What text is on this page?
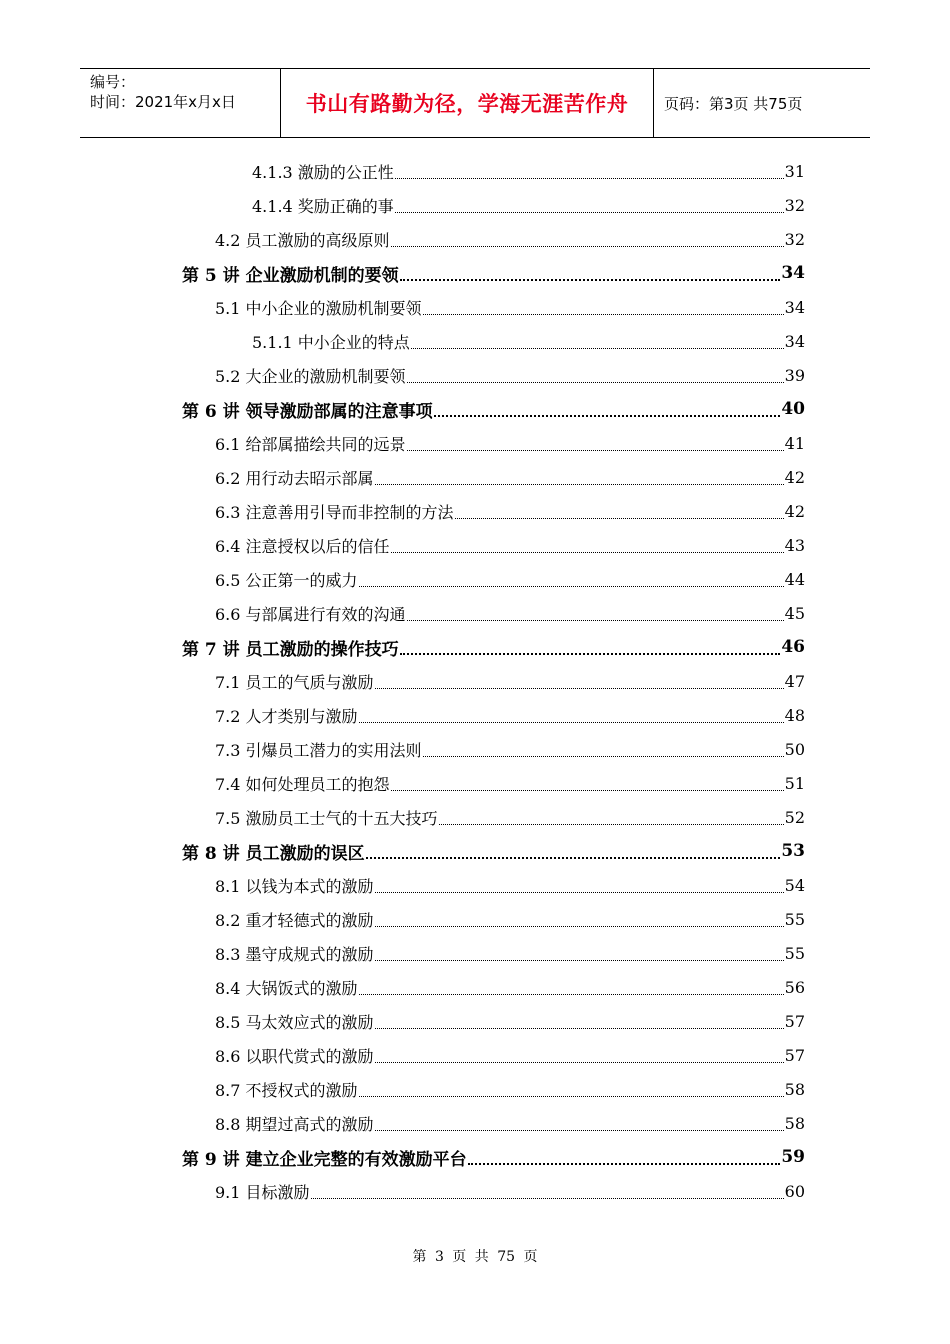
编号：
时间：2021年x月x日	书山有路勤为径，学海无涯苦作舟 页码：第3页 共75页
4.1.3 激励的公正性	31
4.1.4 奖励正确的事	32
4.2 员工激励的高级原则	32
第 5 讲 企业激励机制的要领	34
5.1 中小企业的激励机制要领	34
5.1.1 中小企业的特点	34
5.2 大企业的激励机制要领	39
第 6 讲 领导激励部属的注意事项	40
6.1 给部属描绘共同的远景	41
6.2 用行动去昭示部属	42
6.3 注意善用引导而非控制的方法	42
6.4 注意授权以后的信任	43
6.5 公正第一的威力	44
6.6 与部属进行有效的沟通	45
第 7 讲 员工激励的操作技巧	46
7.1 员工的气质与激励	47
7.2 人才类别与激励	48
7.3 引爆员工潜力的实用法则	50
7.4 如何处理员工的抱怨	51
7.5 激励员工士气的十五大技巧	52
第 8 讲 员工激励的误区	53
8.1 以钱为本式的激励	54
8.2 重才轻德式的激励	55
8.3 墨守成规式的激励	55
8.4 大锅饭式的激励	56
8.5 马太效应式的激励	57
8.6 以职代赏式的激励	57
8.7 不授权式的激励	58
8.8 期望过高式的激励	58
第 9 讲 建立企业完整的有效激励平台	59
9.1 目标激励	60
第 3 页 共 75 页
